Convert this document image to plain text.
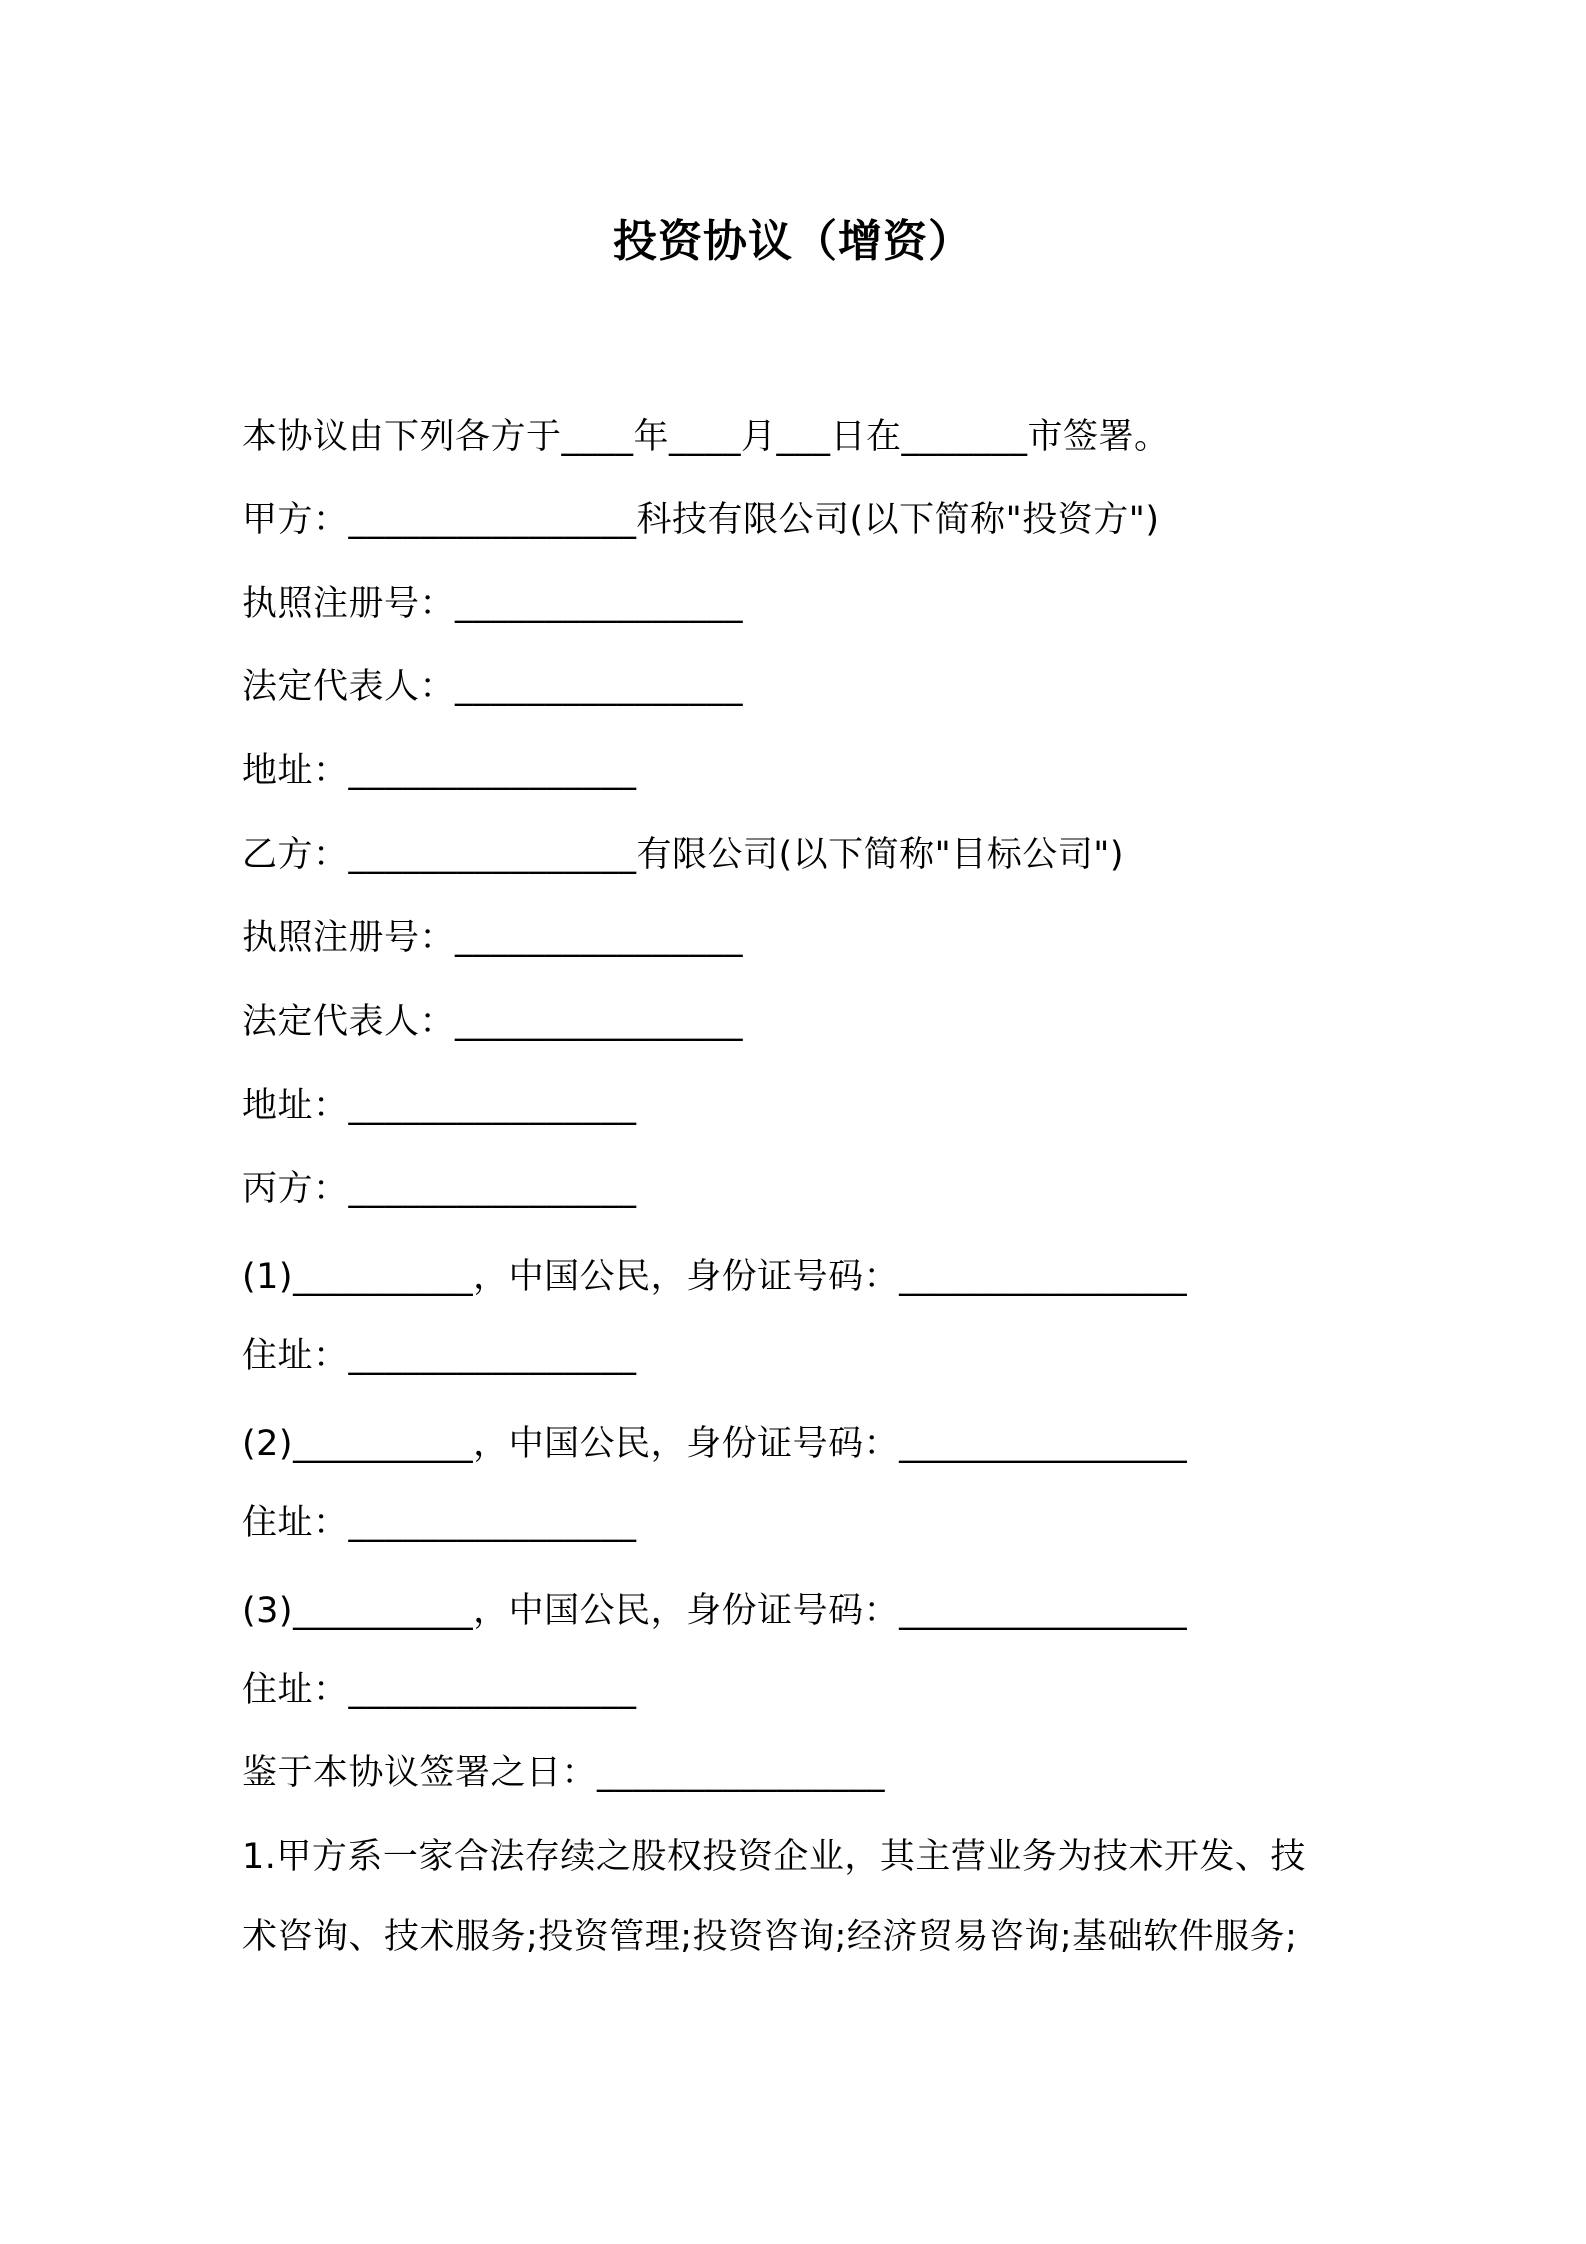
投资协议（增资）
本协议由下列各方于____年____月___日在_______市签署。
甲方：________________科技有限公司(以下简称"投资方")
执照注册号：________________
法定代表人：________________
地址：________________
乙方：________________有限公司(以下简称"目标公司")
执照注册号：________________
法定代表人：________________
地址：________________
丙方：________________
(1)__________，中国公民，身份证号码：________________
住址：________________
(2)__________，中国公民，身份证号码：________________
住址：________________
(3)__________，中国公民，身份证号码：________________
住址：________________
鉴于本协议签署之日：________________
1.甲方系一家合法存续之股权投资企业，其主营业务为技术开发、技
术咨询、技术服务;投资管理;投资咨询;经济贸易咨询;基础软件服务;
